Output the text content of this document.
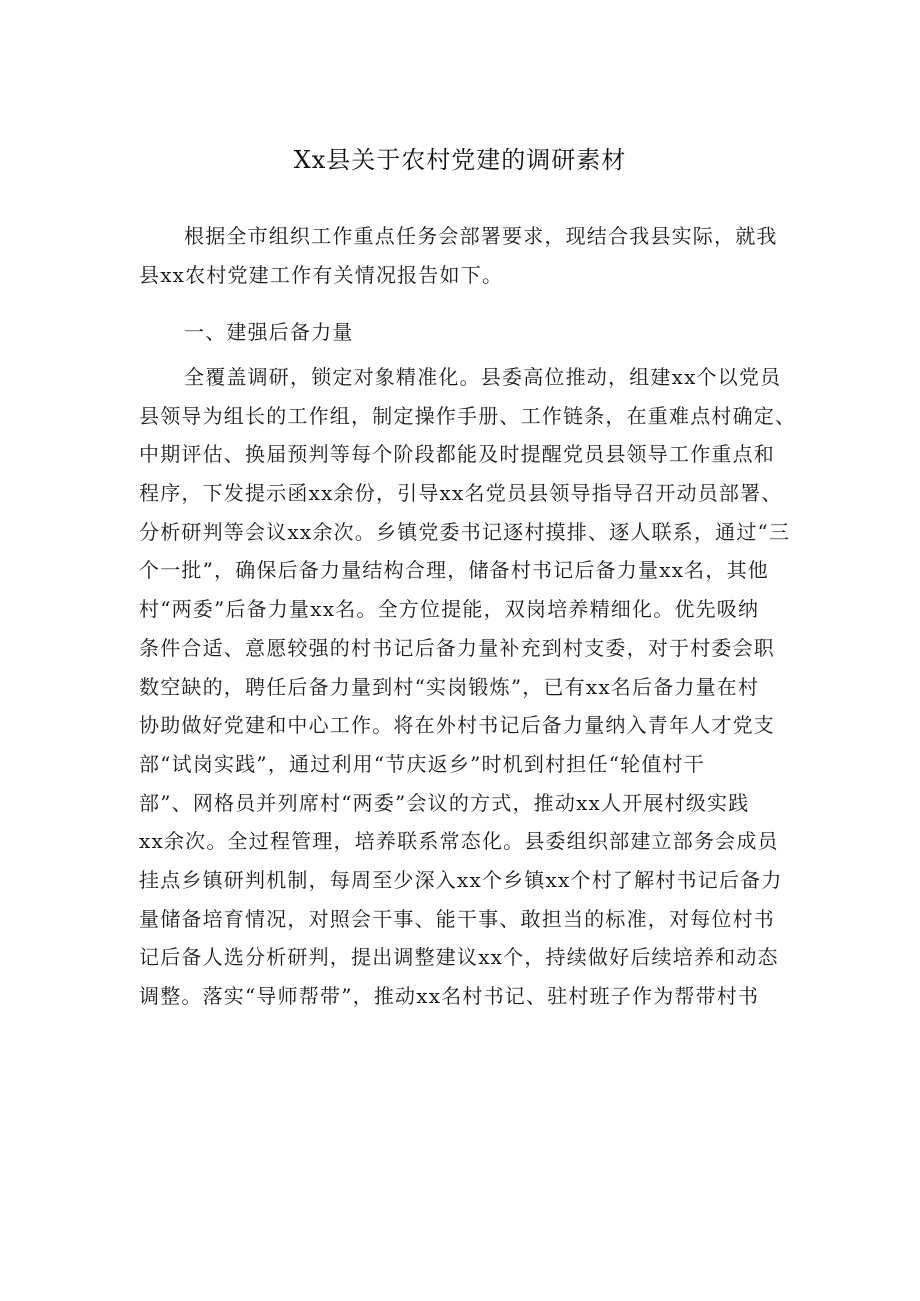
Xx县关于农村党建的调研素材
根据全市组织工作重点任务会部署要求，现结合我县实际，就我
县xx农村党建工作有关情况报告如下。
一、建强后备力量
全覆盖调研，锁定对象精准化。县委高位推动，组建xx个以党员
县领导为组长的工作组，制定操作手册、工作链条，在重难点村确定、
中期评估、换届预判等每个阶段都能及时提醒党员县领导工作重点和
程序，下发提示函xx余份，引导xx名党员县领导指导召开动员部署、
分析研判等会议xx余次。乡镇党委书记逐村摸排、逐人联系，通过“三
个一批”，确保后备力量结构合理，储备村书记后备力量xx名，其他
村“两委”后备力量xx名。全方位提能，双岗培养精细化。优先吸纳
条件合适、意愿较强的村书记后备力量补充到村支委，对于村委会职
数空缺的，聘任后备力量到村“实岗锻炼”，已有xx名后备力量在村
协助做好党建和中心工作。将在外村书记后备力量纳入青年人才党支
部“试岗实践”，通过利用“节庆返乡”时机到村担任“轮值村干
部”、网格员并列席村“两委”会议的方式，推动xx人开展村级实践
xx余次。全过程管理，培养联系常态化。县委组织部建立部务会成员
挂点乡镇研判机制，每周至少深入xx个乡镇xx个村了解村书记后备力
量储备培育情况，对照会干事、能干事、敢担当的标准，对每位村书
记后备人选分析研判，提出调整建议xx个，持续做好后续培养和动态
调整。落实“导师帮带”，推动xx名村书记、驻村班子作为帮带村书
